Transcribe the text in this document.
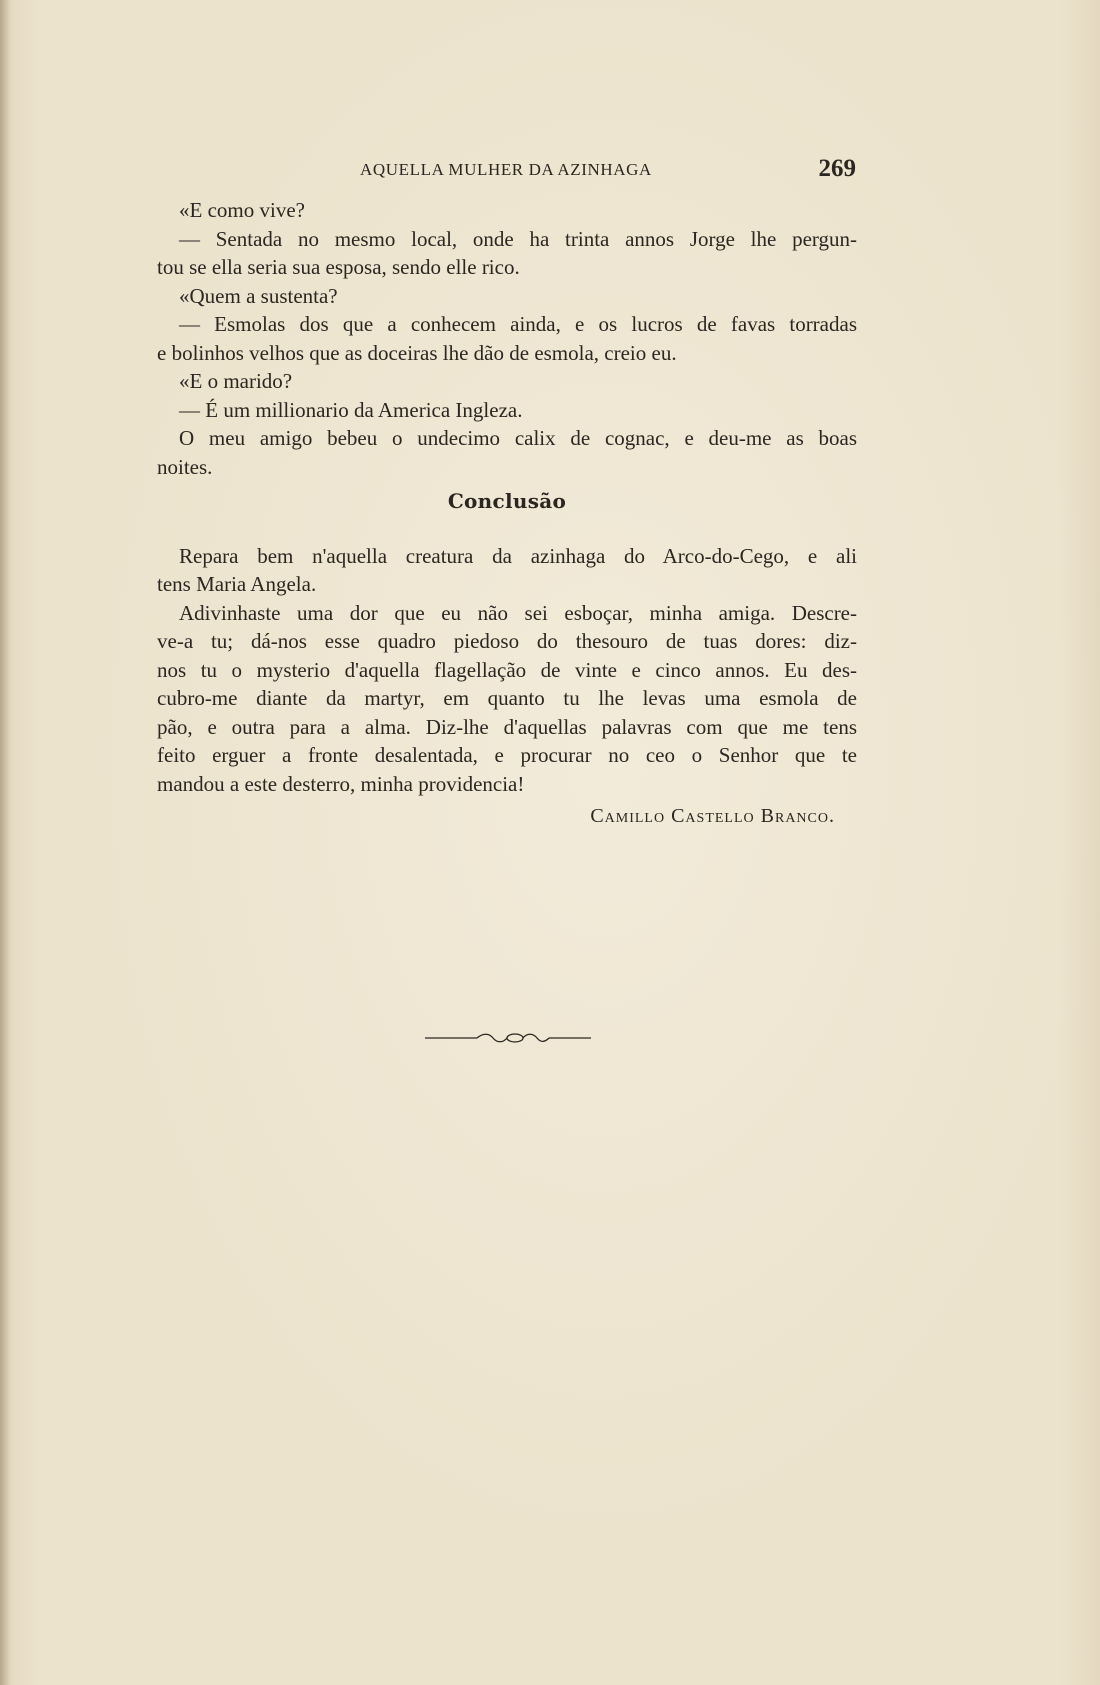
AQUELLA MULHER DA AZINHAGA	269
«E como vive?
— Sentada no mesmo local, onde ha trinta annos Jorge lhe pergun-
tou se ella seria sua esposa, sendo elle rico.
«Quem a sustenta?
— Esmolas dos que a conhecem ainda, e os lucros de favas torradas
e bolinhos velhos que as doceiras lhe dão de esmola, creio eu.
«E o marido?
— É um millionario da America Ingleza.
O meu amigo bebeu o undecimo calix de cognac, e deu-me as boas
noites.
Conclusão
Repara bem n'aquella creatura da azinhaga do Arco-do-Cego, e ali
tens Maria Angela.
Adivinhaste uma dor que eu não sei esboçar, minha amiga. Descre-
ve-a tu; dá-nos esse quadro piedoso do thesouro de tuas dores: diz-
nos tu o mysterio d'aquella flagellação de vinte e cinco annos. Eu des-
cubro-me diante da martyr, em quanto tu lhe levas uma esmola de
pão, e outra para a alma. Diz-lhe d'aquellas palavras com que me tens
feito erguer a fronte desalentada, e procurar no ceo o Senhor que te
mandou a este desterro, minha providencia!
Camillo Castello Branco.
